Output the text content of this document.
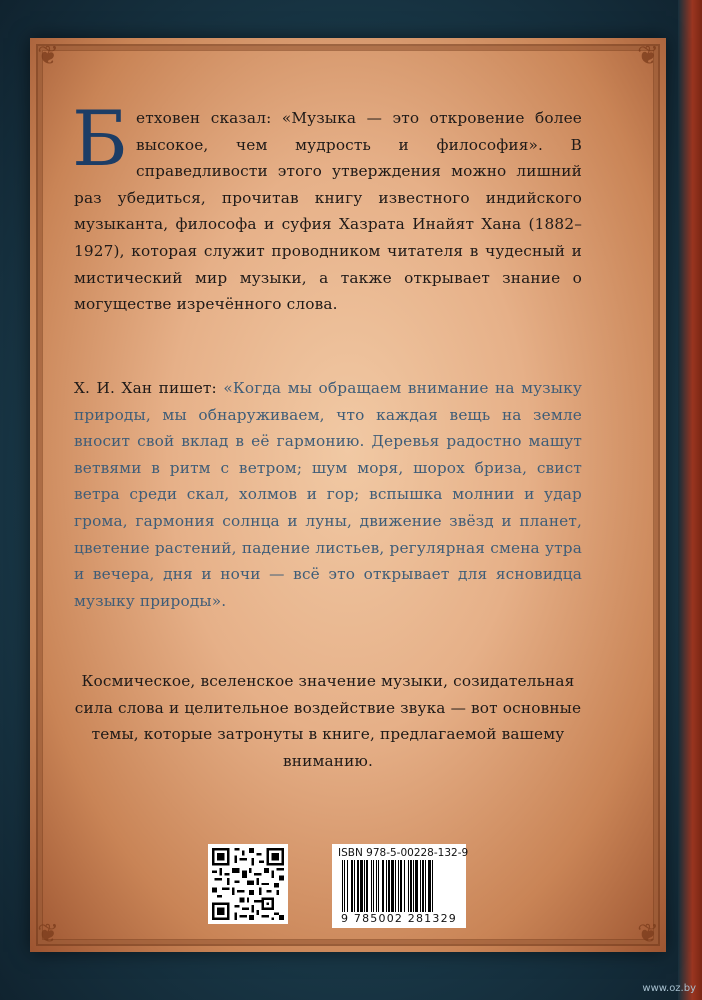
❦	❦
❦	❦
Б етховен сказал: «Музыка — это откровение более высокое, чем мудрость и философия». В справедливости этого утверждения можно лишний раз убедиться, прочитав книгу известного индийского музыканта, философа и суфия Хазрата Инайят Хана (1882–1927), которая служит проводником читателя в чудесный и мистический мир музыки, а также открывает знание о могуществе изречённого слова.
Х. И. Хан пишет: «Когда мы обращаем внимание на музыку природы, мы обнаруживаем, что каждая вещь на земле вносит свой вклад в её гармонию. Деревья радостно машут ветвями в ритм с ветром; шум моря, шорох бриза, свист ветра среди скал, холмов и гор; вспышка молнии и удар грома, гармония солнца и луны, движение звёзд и планет, цветение растений, падение листьев, регулярная смена утра и вечера, дня и ночи — всё это открывает для ясновидца музыку природы».
Космическое, вселенское значение музыки, созидательная сила слова и целительное воздействие звука — вот основные темы, которые затронуты в книге, предлагаемой вашему вниманию.
ISBN 978-5-00228-132-9
9 785002 281329
www.oz.by
